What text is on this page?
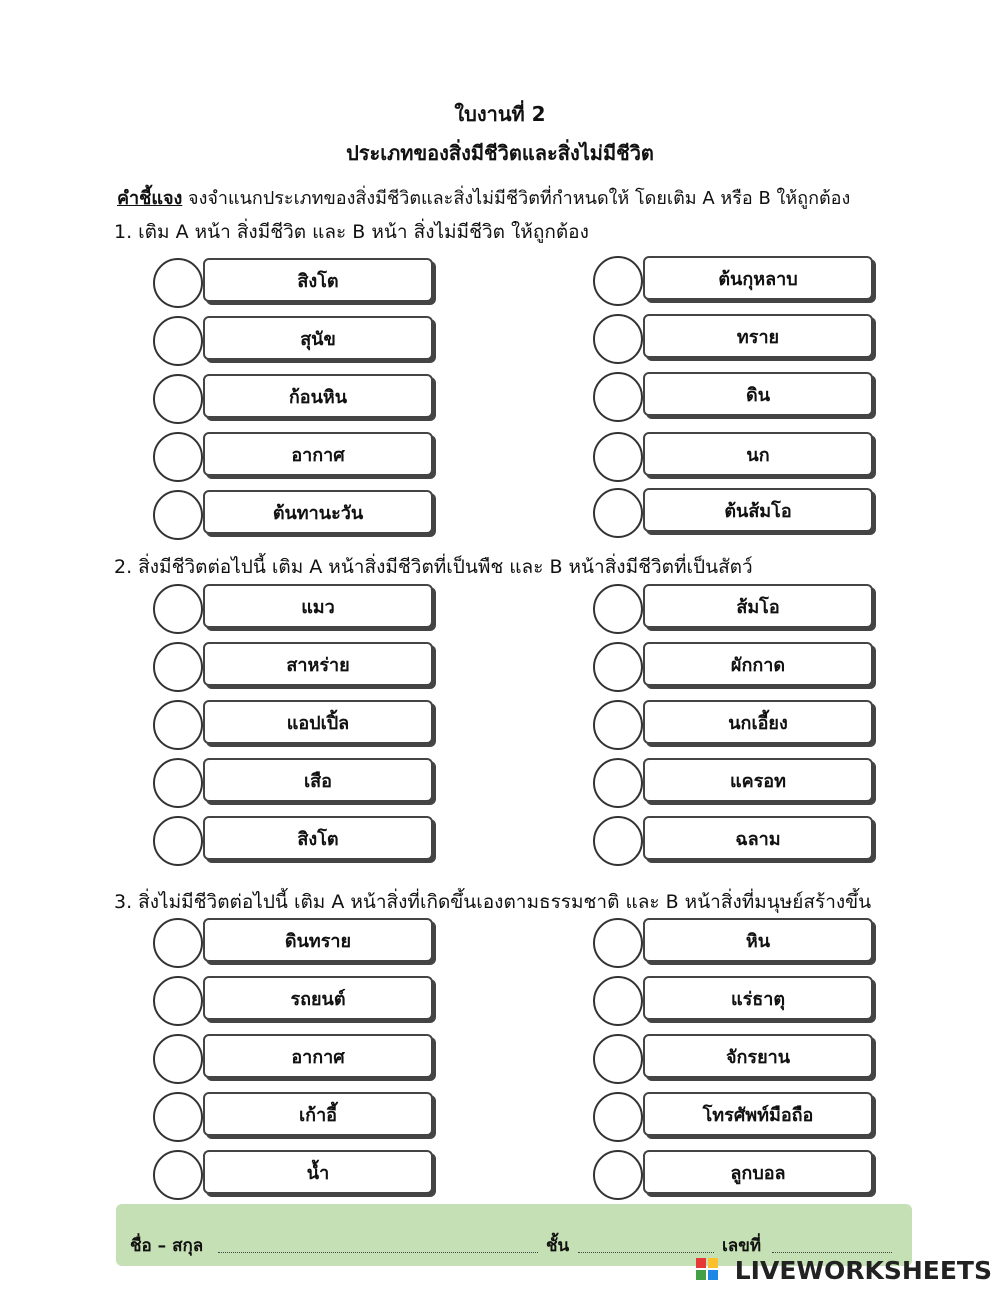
ใบงานที่ 2
ประเภทของสิ่งมีชีวิตและสิ่งไม่มีชีวิต
คำชี้แจง จงจำแนกประเภทของสิ่งมีชีวิตและสิ่งไม่มีชีวิตที่กำหนดให้ โดยเติม A หรือ B ให้ถูกต้อง
1. เติม A หน้า สิ่งมีชีวิต และ B หน้า สิ่งไม่มีชีวิต ให้ถูกต้อง
สิงโต
สุนัข
ก้อนหิน
อากาศ
ต้นทานะวัน
ต้นกุหลาบ
ทราย
ดิน
นก
ต้นส้มโอ
2. สิ่งมีชีวิตต่อไปนี้ เติม A หน้าสิ่งมีชีวิตที่เป็นพืช และ B หน้าสิ่งมีชีวิตที่เป็นสัตว์
แมว
สาหร่าย
แอปเปิ้ล
เสือ
สิงโต
ส้มโอ
ผักกาด
นกเอี้ยง
แครอท
ฉลาม
3. สิ่งไม่มีชีวิตต่อไปนี้ เติม A หน้าสิ่งที่เกิดขึ้นเองตามธรรมชาติ และ B หน้าสิ่งที่มนุษย์สร้างขึ้น
ดินทราย
รถยนต์
อากาศ
เก้าอี้
น้ำ
หิน
แร่ธาตุ
จักรยาน
โทรศัพท์มือถือ
ลูกบอล
ชื่อ – สกุล	ชั้น	เลขที่
LIVEWORKSHEETS
